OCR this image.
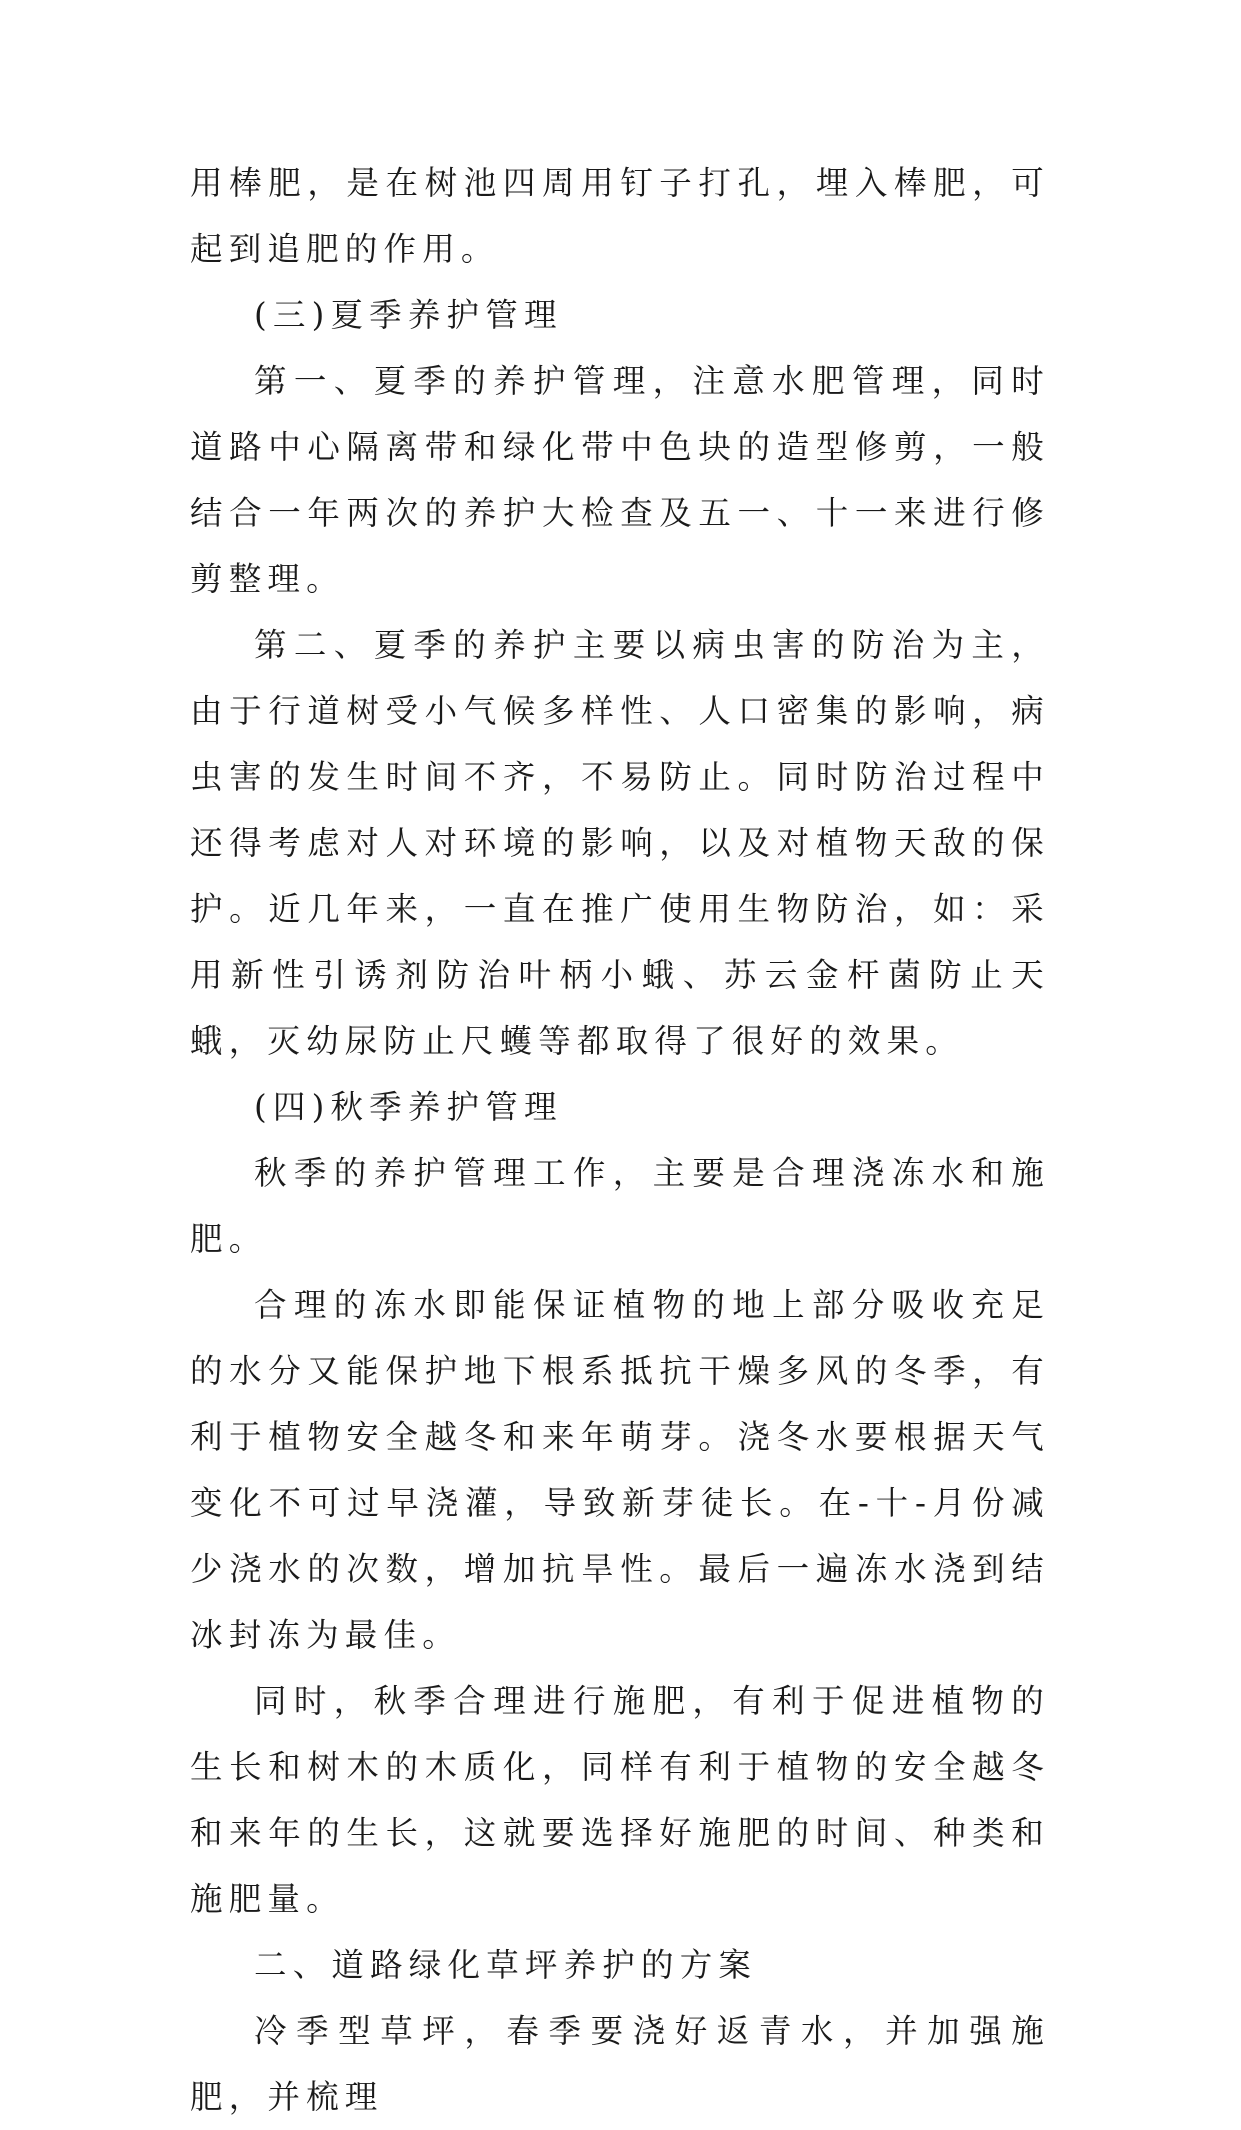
用棒肥，是在树池四周用钉子打孔，埋入棒肥，可起到追肥的作用。

(三)夏季养护管理

第一、夏季的养护管理，注意水肥管理，同时道路中心隔离带和绿化带中色块的造型修剪，一般结合一年两次的养护大检查及五一、十一来进行修剪整理。

第二、夏季的养护主要以病虫害的防治为主，由于行道树受小气候多样性、人口密集的影响，病虫害的发生时间不齐，不易防止。同时防治过程中还得考虑对人对环境的影响，以及对植物天敌的保护。近几年来，一直在推广使用生物防治，如：采用新性引诱剂防治叶柄小蛾、苏云金杆菌防止天蛾，灭幼尿防止尺蠖等都取得了很好的效果。

(四)秋季养护管理

秋季的养护管理工作，主要是合理浇冻水和施肥。

合理的冻水即能保证植物的地上部分吸收充足的水分又能保护地下根系抵抗干燥多风的冬季，有利于植物安全越冬和来年萌芽。浇冬水要根据天气变化不可过早浇灌，导致新芽徒长。在-十-月份减少浇水的次数，增加抗旱性。最后一遍冻水浇到结冰封冻为最佳。

同时，秋季合理进行施肥，有利于促进植物的生长和树木的木质化，同样有利于植物的安全越冬和来年的生长，这就要选择好施肥的时间、种类和施肥量。

二、道路绿化草坪养护的方案

冷季型草坪，春季要浇好返青水，并加强施肥，并梳理
